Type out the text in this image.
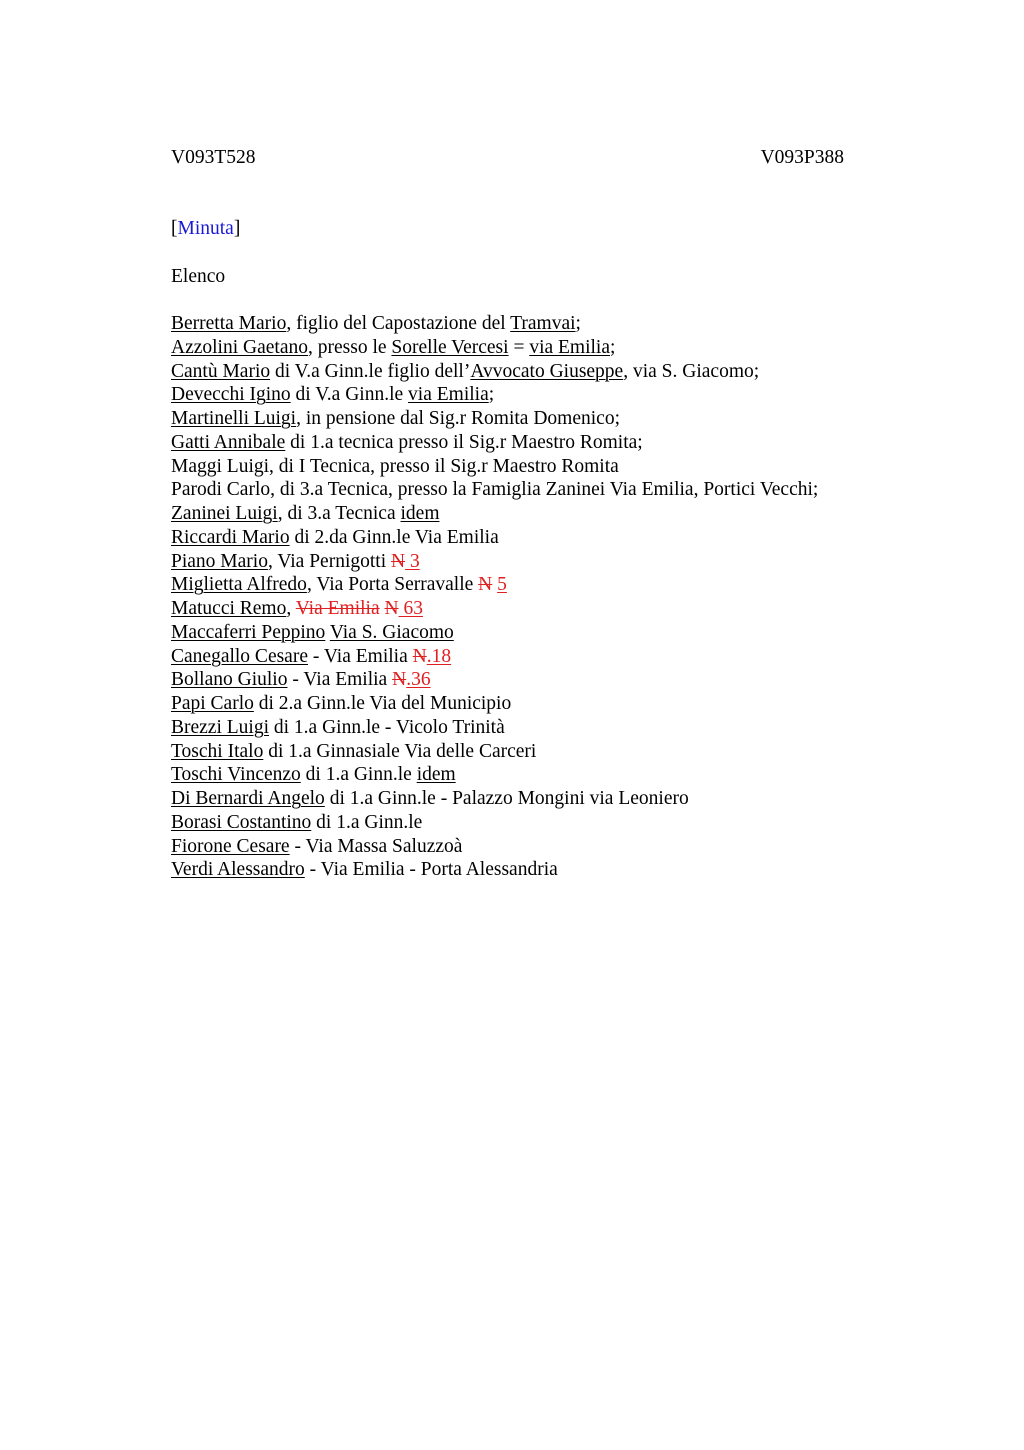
V093T528	V093P388
[Minuta]
Elenco
Berretta Mario, figlio del Capostazione del Tramvai;
Azzolini Gaetano, presso le Sorelle Vercesi = via Emilia;
Cantù Mario di V.a Ginn.le figlio dell’Avvocato Giuseppe, via S. Giacomo;
Devecchi Igino di V.a Ginn.le via Emilia;
Martinelli Luigi, in pensione dal Sig.r Romita Domenico;
Gatti Annibale di 1.a tecnica presso il Sig.r Maestro Romita;
Maggi Luigi, di I Tecnica, presso il Sig.r Maestro Romita
Parodi Carlo, di 3.a Tecnica, presso la Famiglia Zaninei Via Emilia, Portici Vecchi;
Zaninei Luigi, di 3.a Tecnica idem
Riccardi Mario di 2.da Ginn.le Via Emilia
Piano Mario, Via Pernigotti N 3
Miglietta Alfredo, Via Porta Serravalle N 5
Matucci Remo, Via Emilia N 63
Maccaferri Peppino Via S. Giacomo
Canegallo Cesare - Via Emilia N.18
Bollano Giulio - Via Emilia N.36
Papi Carlo di 2.a Ginn.le Via del Municipio
Brezzi Luigi di 1.a Ginn.le - Vicolo Trinità
Toschi Italo di 1.a Ginnasiale Via delle Carceri
Toschi Vincenzo di 1.a Ginn.le idem
Di Bernardi Angelo di 1.a Ginn.le - Palazzo Mongini via Leoniero
Borasi Costantino di 1.a Ginn.le
Fiorone Cesare - Via Massa Saluzzoà
Verdi Alessandro - Via Emilia - Porta Alessandria
